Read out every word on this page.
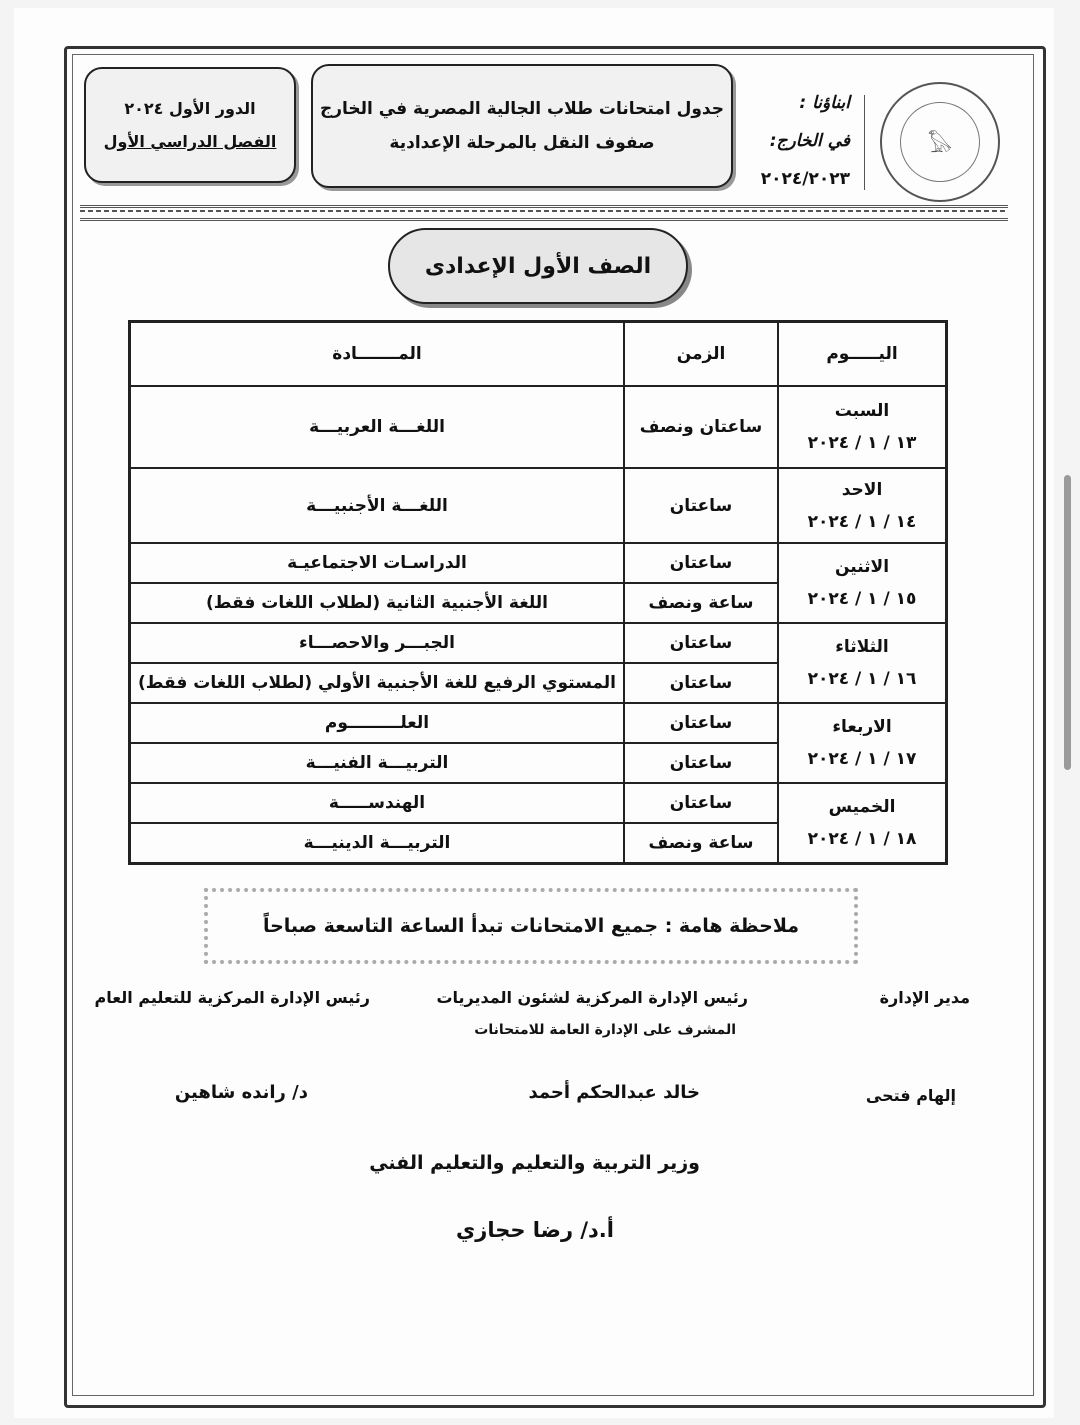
الدور الأول ٢٠٢٤
الفصل الدراسي الأول
جدول امتحانات طلاب الجالية المصرية في الخارج
صفوف النقل بالمرحلة الإعدادية
ابناؤنا :
في الخارج:
٢٠٢٤/٢٠٢٣
𓅃
الصف الأول الإعدادى
اليـــــوم	الزمن	المـــــــادة

السبت
١٣ / ١ / ٢٠٢٤	ساعتان ونصف	اللغـــة العربيـــة

الاحد
١٤ / ١ / ٢٠٢٤	ساعتان	اللغـــة الأجنبيـــة

الاثنين
١٥ / ١ / ٢٠٢٤	ساعتان	الدراسـات الاجتماعيـة
	ساعة ونصف	اللغة الأجنبية الثانية (لطلاب اللغات فقط)

الثلاثاء
١٦ / ١ / ٢٠٢٤	ساعتان	الجبـــر والاحصـــاء
	ساعتان	المستوي الرفيع للغة الأجنبية الأولي (لطلاب اللغات فقط)

الاربعاء
١٧ / ١ / ٢٠٢٤	ساعتان	العلـــــــــوم
	ساعتان	التربيـــة الفنيـــة

الخميس
١٨ / ١ / ٢٠٢٤	ساعتان	الهندســـــة
	ساعة ونصف	التربيـــة الدينيـــة
ملاحظة هامة : جميع الامتحانات تبدأ الساعة التاسعة صباحاً
مدير الإدارة
إلهام فتحى
رئيس الإدارة المركزية لشئون المديريات
المشرف على الإدارة العامة للامتحانات
خالد عبدالحكم أحمد
رئيس الإدارة المركزية للتعليم العام
د/ رانده شاهين
وزير التربية والتعليم والتعليم الفني
أ.د/ رضا حجازي
